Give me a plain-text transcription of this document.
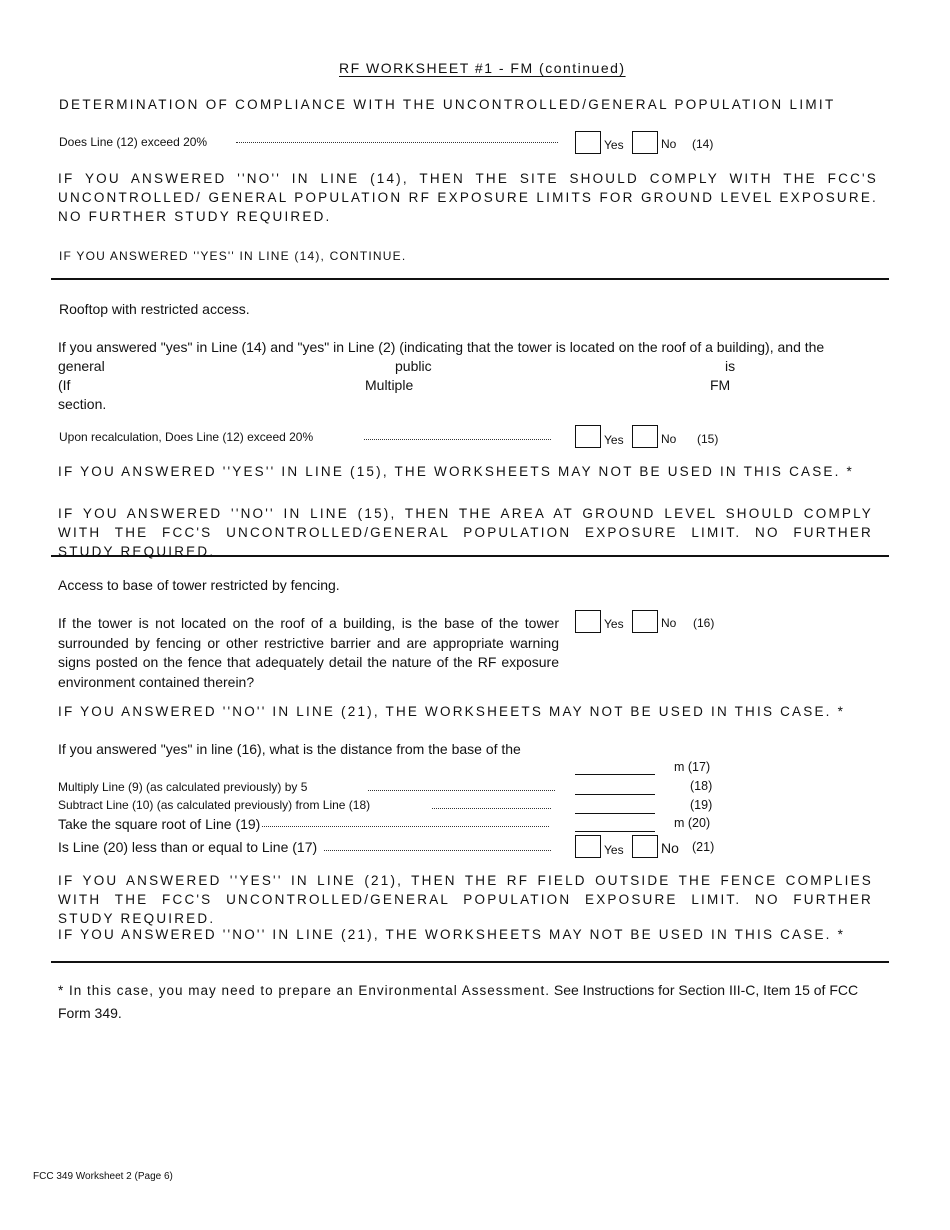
RF WORKSHEET #1 - FM (continued)
DETERMINATION OF COMPLIANCE WITH THE UNCONTROLLED/GENERAL POPULATION LIMIT
Does Line (12) exceed 20%	Yes	No (14)
IF YOU ANSWERED ''NO'' IN LINE (14), THEN THE SITE SHOULD COMPLY WITH THE FCC'S UNCONTROLLED/ GENERAL POPULATION RF EXPOSURE LIMITS FOR GROUND LEVEL EXPOSURE. NO FURTHER STUDY REQUIRED.
IF YOU ANSWERED ''YES'' IN LINE (14), CONTINUE.
Rooftop with restricted access.
If you answered "yes" in Line (14) and "yes" in Line (2) (indicating that the tower is located on the roof of a building), and the
general	public	is
(If	Multiple	FM
section.
Upon recalculation, Does Line (12) exceed 20%	Yes	No (15)
IF YOU ANSWERED ''YES'' IN LINE (15), THE WORKSHEETS MAY NOT BE USED IN THIS CASE. *
IF YOU ANSWERED ''NO'' IN LINE (15), THEN THE AREA AT GROUND LEVEL SHOULD COMPLY WITH THE FCC'S UNCONTROLLED/GENERAL POPULATION EXPOSURE LIMIT. NO FURTHER STUDY REQUIRED.
Access to base of tower restricted by fencing.
If the tower is not located on the roof of a building, is the base of the tower surrounded by fencing or other restrictive barrier and are appropriate warning signs posted on the fence that adequately detail the nature of the RF exposure environment contained therein?
Yes	No (16)
IF YOU ANSWERED ''NO'' IN LINE (21), THE WORKSHEETS MAY NOT BE USED IN THIS CASE. *
If you answered "yes" in line (16), what is the distance from the base of the
m (17)
Multiply Line (9) (as calculated previously) by 5	(18)
Subtract Line (10) (as calculated previously) from Line (18)	(19)
Take the square root of Line (19)	m (20)
Is Line (20) less than or equal to Line (17)	Yes	No (21)
IF YOU ANSWERED ''YES'' IN LINE (21), THEN THE RF FIELD OUTSIDE THE FENCE COMPLIES WITH THE FCC'S UNCONTROLLED/GENERAL POPULATION EXPOSURE LIMIT. NO FURTHER STUDY REQUIRED.
IF YOU ANSWERED ''NO'' IN LINE (21), THE WORKSHEETS MAY NOT BE USED IN THIS CASE. *
* In this case, you may need to prepare an Environmental Assessment. See Instructions for Section III-C, Item 15 of FCC Form 349.
FCC 349 Worksheet 2 (Page 6)
